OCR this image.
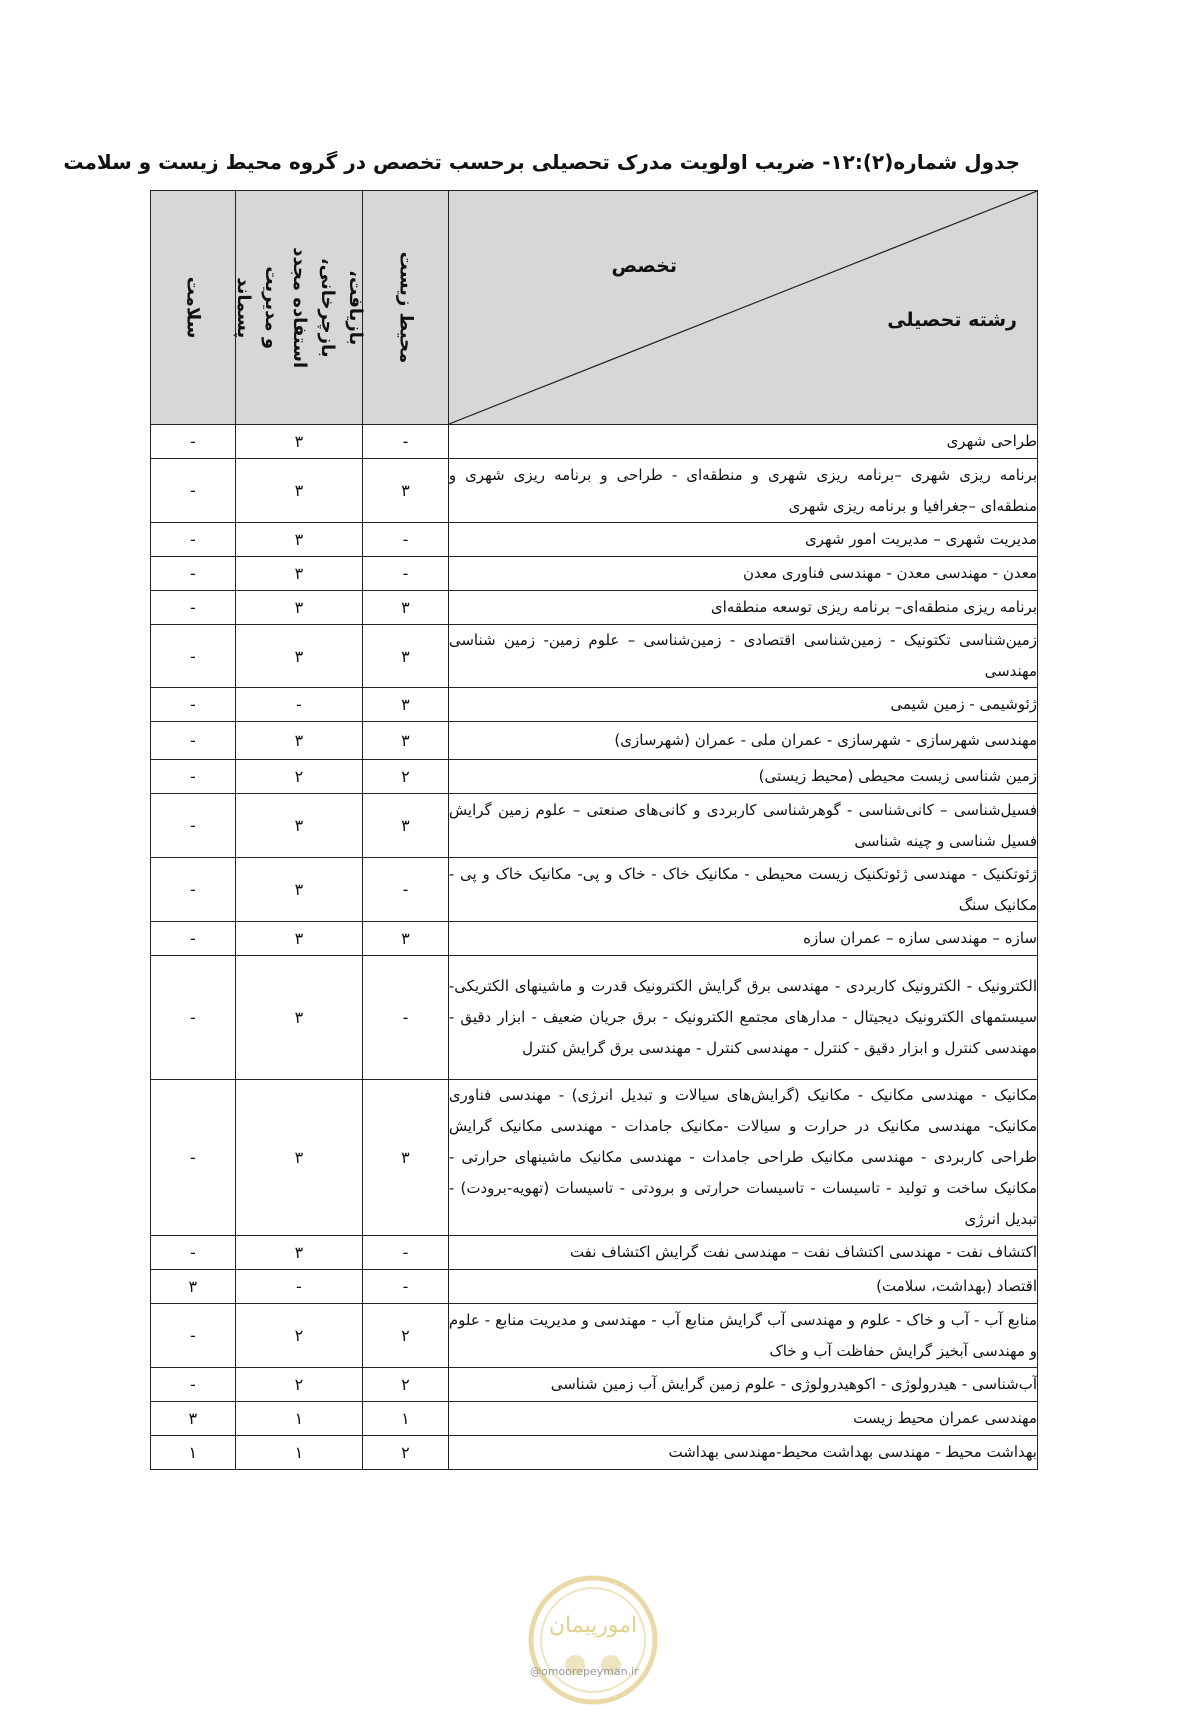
جدول شماره(۲):۱۲- ضریب اولویت مدرک تحصیلی برحسب تخصص در گروه محیط زیست و سلامت
تخصص
رشته تحصیلی	محیط زیست	بازیافت، بازچرخانی، استفاده مجدد و مدیریت پسماند	سلامت

طراحی شهری	-	۳	-
برنامه ریزی شهری –برنامه ریزی شهری و منطقه‌ای - طراحی و برنامه ریزی شهری و منطقه‌ای –جغرافیا و برنامه ریزی شهری	۳	۳	-
مدیریت شهری – مدیریت امور شهری	-	۳	-
معدن - مهندسی معدن - مهندسی فناوری معدن	-	۳	-
برنامه ریزی منطقه‌ای– برنامه ریزی توسعه منطقه‌ای	۳	۳	-
زمین‌شناسی تکتونیک - زمین‌شناسی اقتصادی - زمین‌شناسی – علوم زمین- زمین شناسی مهندسی	۳	۳	-
ژئوشیمی - زمین شیمی	۳	-	-
مهندسی شهرسازی - شهرسازی - عمران ملی - عمران (شهرسازی)	۳	۳	-
زمین شناسی زیست محیطی (محیط زیستی)	۲	۲	-
فسیل‌شناسی – کانی‌شناسی - گوهرشناسی کاربردی و کانی‌های صنعتی – علوم زمین گرایش فسیل شناسی و چینه شناسی	۳	۳	-
ژئوتکنیک - مهندسی ژئوتکنیک زیست محیطی - مکانیک خاک - خاک و پی- مکانیک خاک و پی - مکانیک سنگ	-	۳	-
سازه – مهندسی سازه – عمران سازه	۳	۳	-
الکترونیک - الکترونیک کاربردی - مهندسی برق گرایش الکترونیک قدرت و ماشینهای الکتریکی- سیستمهای الکترونیک دیجیتال - مدارهای مجتمع الکترونیک - برق جریان ضعیف - ابزار دقیق - مهندسی کنترل و ابزار دقیق - کنترل - مهندسی کنترل - مهندسی برق گرایش کنترل	-	۳	-
مکانیک - مهندسی مکانیک - مکانیک (گرایش‌های سیالات و تبدیل انرژی) - مهندسی فناوری مکانیک- مهندسی مکانیک در حرارت و سیالات -مکانیک جامدات - مهندسی مکانیک گرایش طراحی کاربردی - مهندسی مکانیک طراحی جامدات - مهندسی مکانیک ماشینهای حرارتی - مکانیک ساخت و تولید - تاسیسات - تاسیسات حرارتی و برودتی - تاسیسات (تهویه-برودت) - تبدیل انرژی	۳	۳	-
اکتشاف نفت - مهندسی اکتشاف نفت – مهندسی نفت گرایش اکتشاف نفت	-	۳	-
اقتصاد (بهداشت، سلامت)	-	-	۳
منابع آب - آب و خاک - علوم و مهندسی آب گرایش منابع آب - مهندسی و مدیریت منابع - علوم و مهندسی آبخیز گرایش حفاظت آب و خاک	۲	۲	-
آب‌شناسی - هیدرولوژی - اکوهیدرولوژی - علوم زمین گرایش آب زمین شناسی	۲	۲	-
مهندسی عمران محیط زیست	۱	۱	۳
بهداشت محیط - مهندسی بهداشت محیط-مهندسی بهداشت	۲	۱	۱
امورپیمان
@omoorepeyman.ir
